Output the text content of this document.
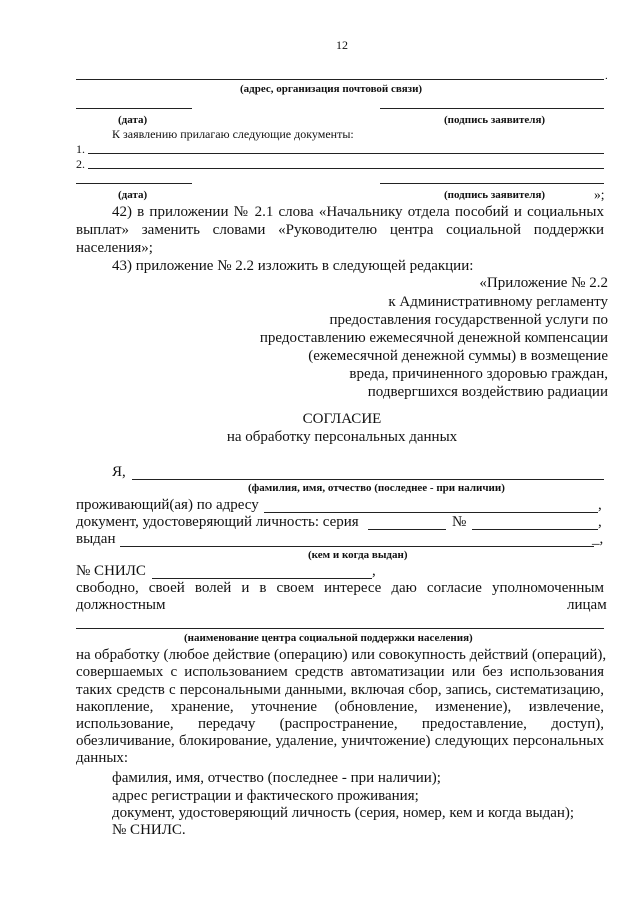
12
.
(адрес, организация почтовой связи)
(дата)	(подпись заявителя)
К заявлению прилагаю следующие документы:
1.
2.
(дата)	(подпись заявителя)	»;
42) в приложении № 2.1 слова «Начальнику отдела пособий и социальных
выплат» заменить словами «Руководителю центра социальной поддержки
населения»;
43) приложение № 2.2 изложить в следующей редакции:
«Приложение № 2.2
к Административному регламенту
предоставления государственной услуги по
предоставлению ежемесячной денежной компенсации
(ежемесячной денежной суммы) в возмещение
вреда, причиненного здоровью граждан,
подвергшихся воздействию радиации
СОГЛАСИЕ
на обработку персональных данных
Я,
(фамилия, имя, отчество (последнее - при наличии)
проживающий(ая) по адресу	,
документ, удостоверяющий личность: серия	№	,
выдан	_,
(кем и когда выдан)
№ СНИЛС	,
свободно, своей волей и в своем интересе даю согласие уполномоченным
должностным	лицам
(наименование центра социальной поддержки населения)
на обработку (любое действие (операцию) или совокупность действий (операций),
совершаемых с использованием средств автоматизации или без использования
таких средств с персональными данными, включая сбор, запись, систематизацию,
накопление, хранение, уточнение (обновление, изменение), извлечение,
использование, передачу (распространение, предоставление, доступ),
обезличивание, блокирование, удаление, уничтожение) следующих персональных
данных:
фамилия, имя, отчество (последнее - при наличии);
адрес регистрации и фактического проживания;
документ, удостоверяющий личность (серия, номер, кем и когда выдан);
№ СНИЛС.
